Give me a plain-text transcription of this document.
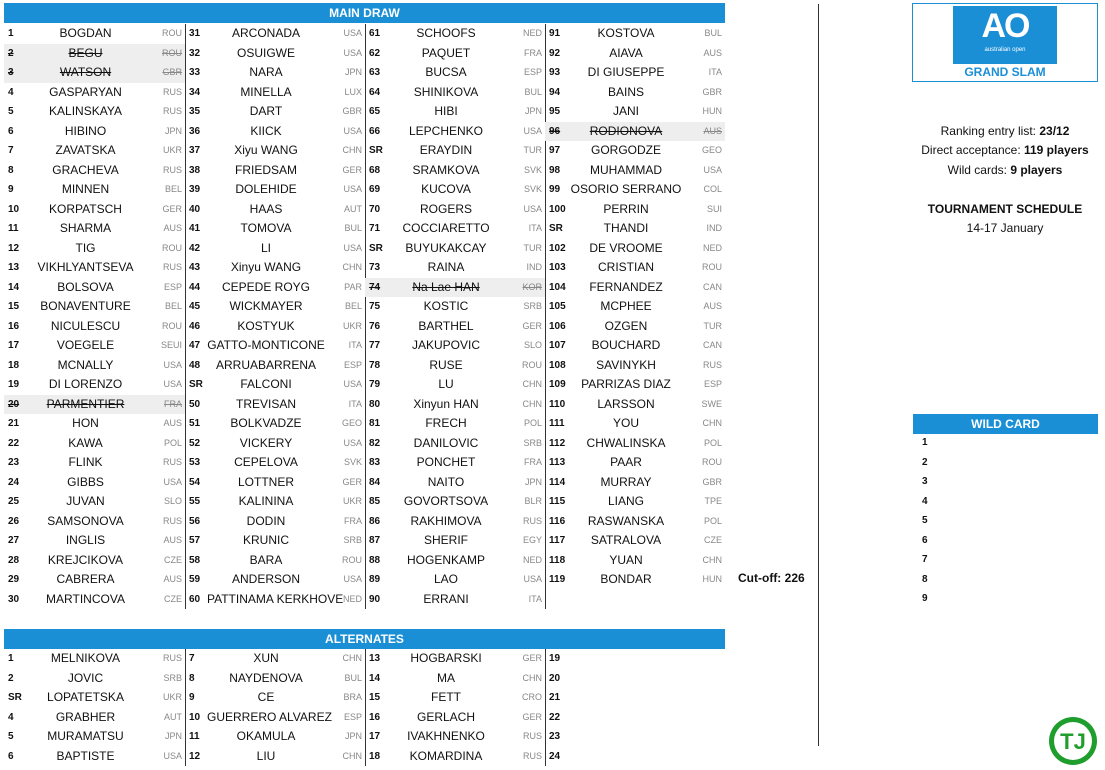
MAIN DRAW
1	BOGDAN	ROU
2	BEGU	ROU
3	WATSON	GBR
4	GASPARYAN	RUS
5	KALINSKAYA	RUS
6	HIBINO	JPN
7	ZAVATSKA	UKR
8	GRACHEVA	RUS
9	MINNEN	BEL
10	KORPATSCH	GER
11	SHARMA	AUS
12	TIG	ROU
13	VIKHLYANTSEVA	RUS
14	BOLSOVA	ESP
15	BONAVENTURE	BEL
16	NICULESCU	ROU
17	VOEGELE	SEUI
18	MCNALLY	USA
19	DI LORENZO	USA
20	PARMENTIER	FRA
21	HON	AUS
22	KAWA	POL
23	FLINK	RUS
24	GIBBS	USA
25	JUVAN	SLO
26	SAMSONOVA	RUS
27	INGLIS	AUS
28	KREJCIKOVA	CZE
29	CABRERA	AUS
30	MARTINCOVA	CZE
31	ARCONADA	USA
32	OSUIGWE	USA
33	NARA	JPN
34	MINELLA	LUX
35	DART	GBR
36	KIICK	USA
37	Xiyu WANG	CHN
38	FRIEDSAM	GER
39	DOLEHIDE	USA
40	HAAS	AUT
41	TOMOVA	BUL
42	LI	USA
43	Xinyu WANG	CHN
44	CEPEDE ROYG	PAR
45	WICKMAYER	BEL
46	KOSTYUK	UKR
47 GATTO-MONTICONE	ITA
48	ARRUABARRENA	ESP
SR	FALCONI	USA
50	TREVISAN	ITA
51	BOLKVADZE	GEO
52	VICKERY	USA
53	CEPELOVA	SVK
54	LOTTNER	GER
55	KALININA	UKR
56	DODIN	FRA
57	KRUNIC	SRB
58	BARA	ROU
59	ANDERSON	USA
60 PATTINAMA KERKHOVE NED
61	SCHOOFS	NED
62	PAQUET	FRA
63	BUCSA	ESP
64	SHINIKOVA	BUL
65	HIBI	JPN
66	LEPCHENKO	USA
SR	ERAYDIN	TUR
68	SRAMKOVA	SVK
69	KUCOVA	SVK
70	ROGERS	USA
71	COCCIARETTO	ITA
SR	BUYUKAKCAY	TUR
73	RAINA	IND
74	Na Lae HAN	KOR
75	KOSTIC	SRB
76	BARTHEL	GER
77	JAKUPOVIC	SLO
78	RUSE	ROU
79	LU	CHN
80	Xinyun HAN	CHN
81	FRECH	POL
82	DANILOVIC	SRB
83	PONCHET	FRA
84	NAITO	JPN
85	GOVORTSOVA	BLR
86	RAKHIMOVA	RUS
87	SHERIF	EGY
88	HOGENKAMP	NED
89	LAO	USA
90	ERRANI	ITA
91	KOSTOVA	BUL
92	AIAVA	AUS
93	DI GIUSEPPE	ITA
94	BAINS	GBR
95	JANI	HUN
96	RODIONOVA	AUS
97	GORGODZE	GEO
98	MUHAMMAD	USA
99 OSORIO SERRANO	COL
100	PERRIN	SUI
SR	THANDI	IND
102	DE VROOME	NED
103	CRISTIAN	ROU
104	FERNANDEZ	CAN
105	MCPHEE	AUS
106	OZGEN	TUR
107	BOUCHARD	CAN
108	SAVINYKH	RUS
109	PARRIZAS DIAZ	ESP
110	LARSSON	SWE
111	YOU	CHN
112	CHWALINSKA	POL
113	PAAR	ROU
114	MURRAY	GBR
115	LIANG	TPE
116	RASWANSKA	POL
117	SATRALOVA	CZE
118	YUAN	CHN
119	BONDAR	HUN Cut-off: 226
ALTERNATES
1	MELNIKOVA	RUS
2	JOVIC	SRB
SR	LOPATETSKA	UKR
4	GRABHER	AUT
5	MURAMATSU	JPN
6	BAPTISTE	USA
7	XUN	CHN
8	NAYDENOVA	BUL
9	CE	BRA
10 GUERRERO ALVAREZ ESP
11	OKAMULA	JPN
12	LIU	CHN
13	HOGBARSKI	GER
14	MA	CHN
15	FETT	CRO
16	GERLACH	GER
17	IVAKHNENKO	RUS
18	KOMARDINA	RUS
19
20
21
22
23
24
AO
australian open
GRAND SLAM
Ranking entry list: 23/12
Direct acceptance: 119 players
Wild cards: 9 players
TOURNAMENT SCHEDULE
14-17 January
WILD CARD
1
2
3
4
5
6
7
8
9
TJ
